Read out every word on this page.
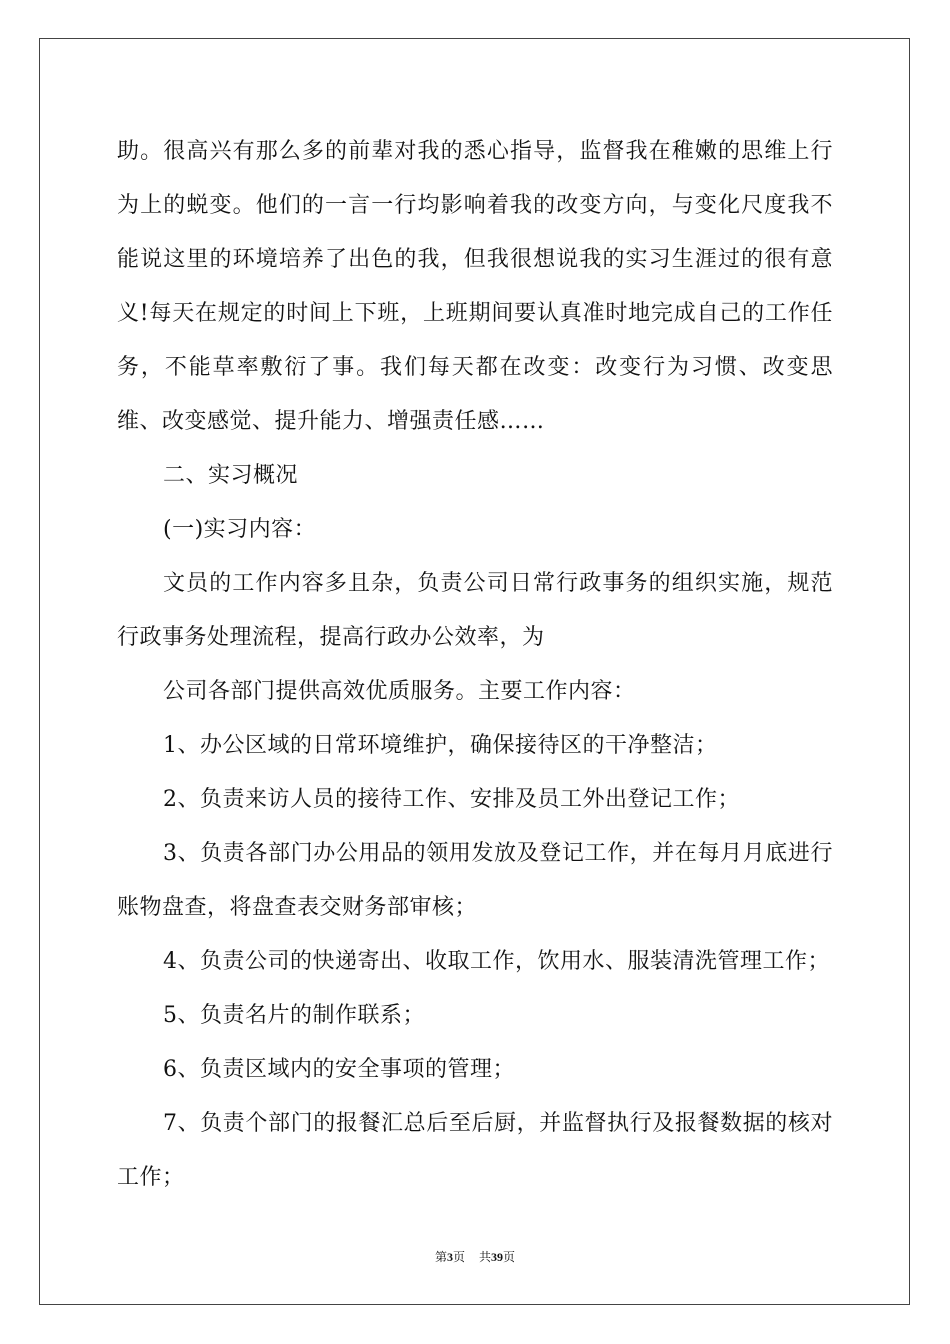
助。很高兴有那么多的前辈对我的悉心指导，监督我在稚嫩的思维上行为上的蜕变。他们的一言一行均影响着我的改变方向，与变化尺度我不能说这里的环境培养了出色的我，但我很想说我的实习生涯过的很有意义!每天在规定的时间上下班，上班期间要认真准时地完成自己的工作任务，不能草率敷衍了事。我们每天都在改变：改变行为习惯、改变思维、改变感觉、提升能力、增强责任感……

二、实习概况

(一)实习内容：

文员的工作内容多且杂，负责公司日常行政事务的组织实施，规范行政事务处理流程，提高行政办公效率，为

公司各部门提供高效优质服务。主要工作内容：

1、办公区域的日常环境维护，确保接待区的干净整洁；

2、负责来访人员的接待工作、安排及员工外出登记工作；

3、负责各部门办公用品的领用发放及登记工作，并在每月月底进行账物盘查，将盘查表交财务部审核；

4、负责公司的快递寄出、收取工作，饮用水、服装清洗管理工作；

5、负责名片的制作联系；

6、负责区域内的安全事项的管理；

7、负责个部门的报餐汇总后至后厨，并监督执行及报餐数据的核对工作；

第3页 共39页
